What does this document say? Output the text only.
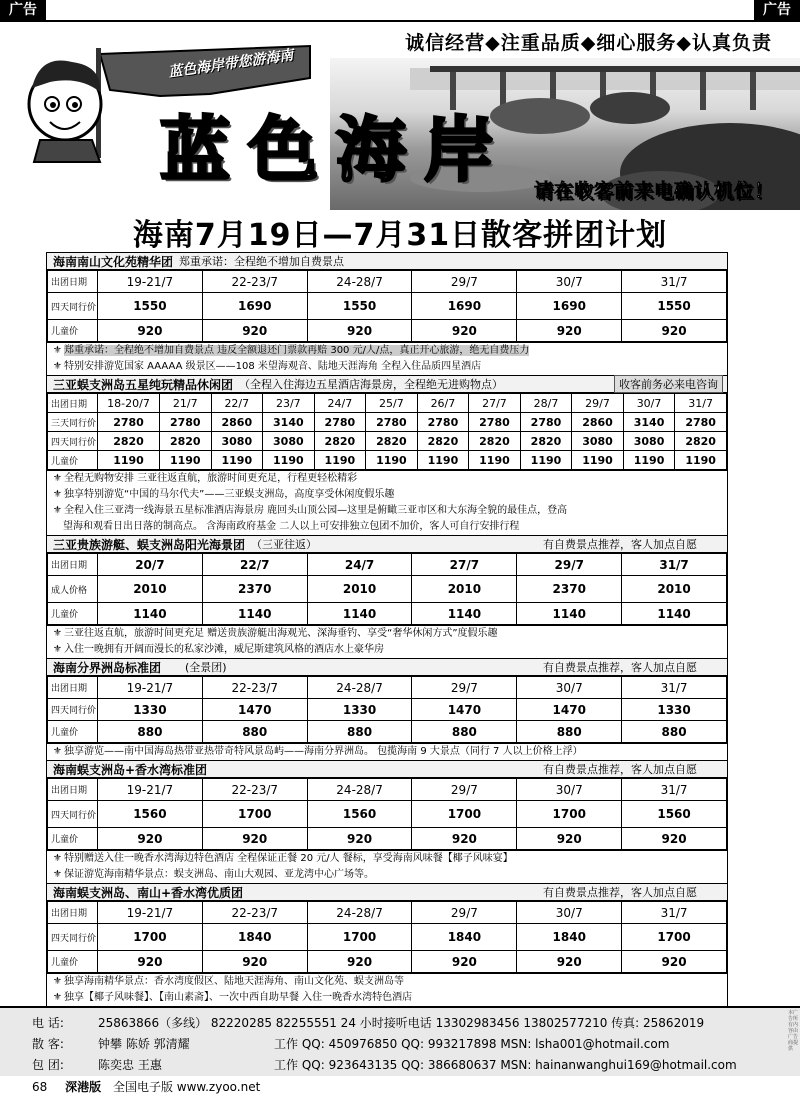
广告	广告
诚信经营◆注重品质◆细心服务◆认真负责
蓝色海岸带您游海南
蓝色海岸 请在收客前来电确认机位！
海南7月19日—7月31日散客拼团计划
海南南山文化苑精华团 郑重承诺：全程绝不增加自费景点
出团日期	19-21/7	22-23/7	24-28/7	29/7	30/7	31/7
四天同行价	1550	1690	1550	1690	1690	1550
儿童价	920	920	920	920	920	920
⚜ 郑重承诺：全程绝不增加自费景点 违反全额退还门票款再赔 300 元/人/点，真正开心旅游，绝无自费压力
⚜ 特别安排游览国家 AAAAA 级景区——108 米望海观音、陆地天涯海角 全程入住品质四星酒店
三亚蜈支洲岛五星纯玩精品休闲团 （全程入住海边五星酒店海景房，全程绝无进购物点）	收客前务必来电咨询
出团日期	18-20/7	21/7	22/7	23/7	24/7	25/7	26/7	27/7	28/7	29/7	30/7	31/7
三天同行价	2780	2780	2860	3140	2780	2780	2780	2780	2780	2860	3140	2780
四天同行价	2820	2820	3080	3080	2820	2820	2820	2820	2820	3080	3080	2820
儿童价	1190	1190	1190	1190	1190	1190	1190	1190	1190	1190	1190	1190
⚜ 全程无购物安排 三亚往返直航，旅游时间更充足，行程更轻松精彩
⚜ 独享特别游览“中国的马尔代夫”——三亚蜈支洲岛，高度享受休闲度假乐趣
⚜ 全程入住三亚湾一线海景五星标准酒店海景房 鹿回头山顶公园—这里是俯瞰三亚市区和大东海全貌的最佳点，登高
望海和观看日出日落的制高点。 含海南政府基金 二人以上可安排独立包团不加价，客人可自行安排行程
三亚贵族游艇、蜈支洲岛阳光海景团 （三亚往返）	有自费景点推荐，客人加点自愿
出团日期	20/7	22/7	24/7	27/7	29/7	31/7
成人价格	2010	2370	2010	2010	2370	2010
儿童价	1140	1140	1140	1140	1140	1140
⚜ 三亚往返直航，旅游时间更充足 赠送贵族游艇出海观光、深海垂钓、享受“奢华休闲方式”度假乐趣
⚜ 入住一晚拥有开阔而漫长的私家沙滩，威尼斯建筑风格的酒店水上豪华房
海南分界洲岛标准团 (全景团)	有自费景点推荐，客人加点自愿
出团日期	19-21/7	22-23/7	24-28/7	29/7	30/7	31/7
四天同行价	1330	1470	1330	1470	1470	1330
儿童价	880	880	880	880	880	880
⚜ 独享游览——南中国海岛热带亚热带奇特风景岛屿——海南分界洲岛。 包揽海南 9 大景点（同行 7 人以上价格上浮）
海南蜈支洲岛+香水湾标准团	有自费景点推荐，客人加点自愿
出团日期	19-21/7	22-23/7	24-28/7	29/7	30/7	31/7
四天同行价	1560	1700	1560	1700	1700	1560
儿童价	920	920	920	920	920	920
⚜ 特别赠送入住一晚香水湾海边特色酒店 全程保证正餐 20 元/人 餐标，享受海南风味餐【椰子风味宴】
⚜ 保证游览海南精华景点：蜈支洲岛、南山大观园、亚龙湾中心广场等。
海南蜈支洲岛、南山+香水湾优质团	有自费景点推荐，客人加点自愿
出团日期	19-21/7	22-23/7	24-28/7	29/7	30/7	31/7
四天同行价	1700	1840	1700	1840	1840	1700
儿童价	920	920	920	920	920	920
⚜ 独享海南精华景点：香水湾度假区、陆地天涯海角、南山文化苑、蜈支洲岛等
⚜ 独享【椰子风味餐】、【南山素斋】、一次中西自助早餐 入住一晚香水湾特色酒店
电 话:	25863866（多线） 82220285 82255551 24 小时接听电话 13302983456 13802577210 传真: 25862019
散 客:	钟攀 陈娇 郭清耀	工作 QQ: 450976850 QQ: 993217898 MSN: lsha001@hotmail.com
包 团:	陈奕忠 王惠	工作 QQ: 923643135 QQ: 386680637 MSN: hainanwanghui169@hotmail.com
本广告所有内容由广告商提供
68 深港版 全国电子版 www.zyoo.net
